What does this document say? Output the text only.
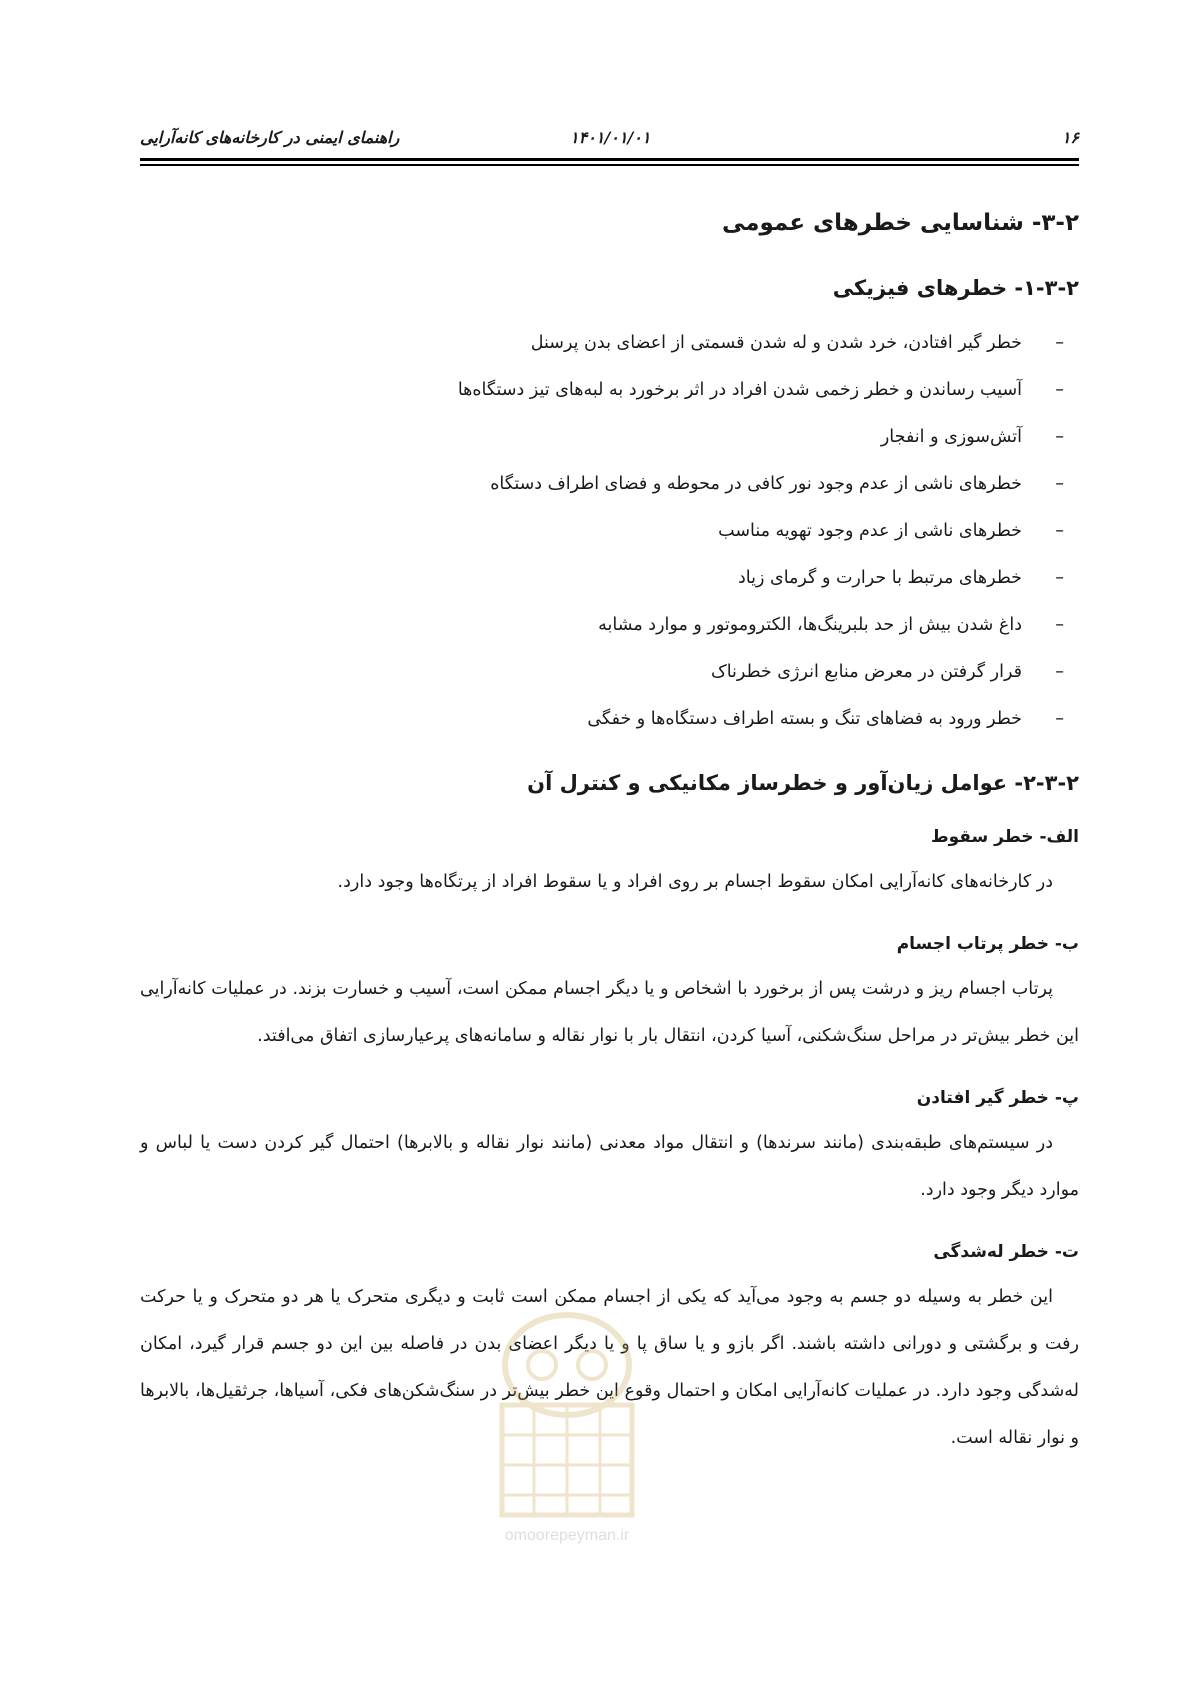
راهنمای ایمنی در کارخانه‌های کانه‌آرایی	۱۴۰۱/۰۱/۰۱	۱۶
۳-۲- شناسایی خطرهای عمومی
۱-۳-۲- خطرهای فیزیکی
– خطر گیر افتادن، خرد شدن و له شدن قسمتی از اعضای بدن پرسنل
– آسیب رساندن و خطر زخمی شدن افراد در اثر برخورد به لبه‌های تیز دستگاه‌ها
– آتش‌سوزی و انفجار
– خطرهای ناشی از عدم وجود نور کافی در محوطه و فضای اطراف دستگاه
– خطرهای ناشی از عدم وجود تهویه مناسب
– خطرهای مرتبط با حرارت و گرمای زیاد
– داغ شدن بیش از حد بلبرینگ‌ها، الکتروموتور و موارد مشابه
– قرار گرفتن در معرض منابع انرژی خطرناک
– خطر ورود به فضاهای تنگ و بسته اطراف دستگاه‌ها و خفگی
۲-۳-۲- عوامل زیان‌آور و خطرساز مکانیکی و کنترل آن
الف- خطر سقوط

در کارخانه‌های کانه‌آرایی امکان سقوط اجسام بر روی افراد و یا سقوط افراد از پرتگاه‌ها وجود دارد.

ب- خطر پرتاب اجسام

پرتاب اجسام ریز و درشت پس از برخورد با اشخاص و یا دیگر اجسام ممکن است، آسیب و خسارت بزند. در عملیات کانه‌آرایی این خطر بیش‌تر در مراحل سنگ‌شکنی، آسیا کردن، انتقال بار با نوار نقاله و سامانه‌های پرعیارسازی اتفاق می‌افتد.

پ- خطر گیر افتادن

در سیستم‌های طبقه‌بندی (مانند سرندها) و انتقال مواد معدنی (مانند نوار نقاله و بالابرها) احتمال گیر کردن دست یا لباس و موارد دیگر وجود دارد.

ت- خطر له‌شدگی

این خطر به وسیله دو جسم به وجود می‌آید که یکی از اجسام ممکن است ثابت و دیگری متحرک یا هر دو متحرک و یا حرکت رفت و برگشتی و دورانی داشته باشند. اگر بازو و یا ساق پا و یا دیگر اعضای بدن در فاصله بین این دو جسم قرار گیرد، امکان له‌شدگی وجود دارد. در عملیات کانه‌آرایی امکان و احتمال وقوع این خطر بیش‌تر در سنگ‌شکن‌های فکی، آسیاها، جرثقیل‌ها، بالابرها و نوار نقاله است.

omoorepeyman.ir
